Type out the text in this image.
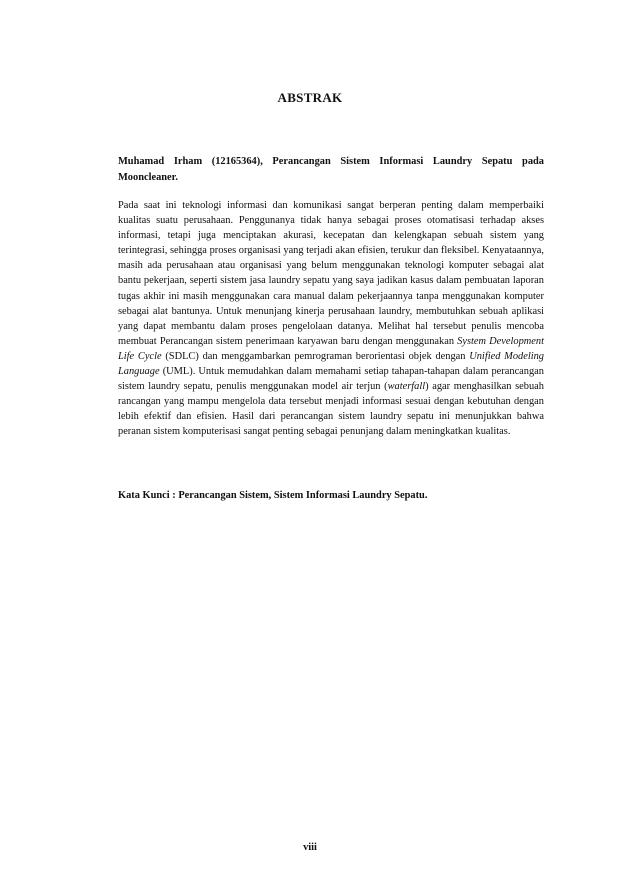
ABSTRAK
Muhamad Irham (12165364), Perancangan Sistem Informasi Laundry Sepatu pada Mooncleaner.

Pada saat ini teknologi informasi dan komunikasi sangat berperan penting dalam memperbaiki kualitas suatu perusahaan. Penggunanya tidak hanya sebagai proses otomatisasi terhadap akses informasi, tetapi juga menciptakan akurasi, kecepatan dan kelengkapan sebuah sistem yang terintegrasi, sehingga proses organisasi yang terjadi akan efisien, terukur dan fleksibel. Kenyataannya, masih ada perusahaan atau organisasi yang belum menggunakan teknologi komputer sebagai alat bantu pekerjaan, seperti sistem jasa laundry sepatu yang saya jadikan kasus dalam pembuatan laporan tugas akhir ini masih menggunakan cara manual dalam pekerjaannya tanpa menggunakan komputer sebagai alat bantunya. Untuk menunjang kinerja perusahaan laundry, membutuhkan sebuah aplikasi yang dapat membantu dalam proses pengelolaan datanya. Melihat hal tersebut penulis mencoba membuat Perancangan sistem penerimaan karyawan baru dengan menggunakan System Development Life Cycle (SDLC) dan menggambarkan pemrograman berorientasi objek dengan Unified Modeling Language (UML). Untuk memudahkan dalam memahami setiap tahapan-tahapan dalam perancangan sistem laundry sepatu, penulis menggunakan model air terjun (waterfall) agar menghasilkan sebuah rancangan yang mampu mengelola data tersebut menjadi informasi sesuai dengan kebutuhan dengan lebih efektif dan efisien. Hasil dari perancangan sistem laundry sepatu ini menunjukkan bahwa peranan sistem komputerisasi sangat penting sebagai penunjang dalam meningkatkan kualitas.

Kata Kunci : Perancangan Sistem, Sistem Informasi Laundry Sepatu.
viii
